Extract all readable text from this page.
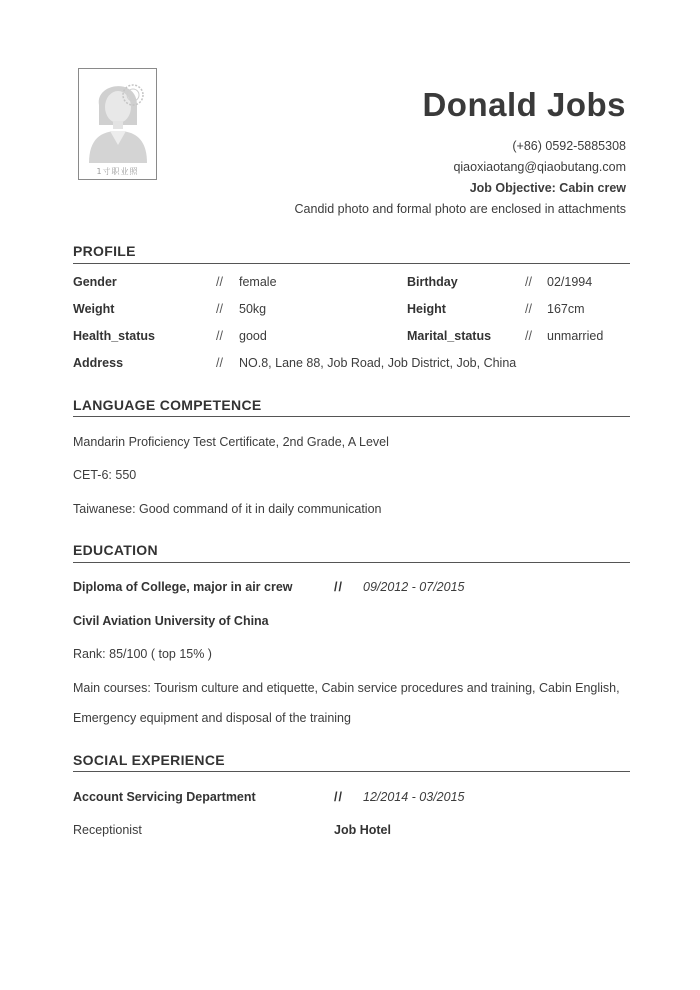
1寸职业照
Donald Jobs
(+86) 0592-5885308
qiaoxiaotang@qiaobutang.com
Job Objective: Cabin crew
Candid photo and formal photo are enclosed in attachments
PROFILE
Gender	// female	Birthday	// 02/1994
Weight	// 50kg	Height	// 167cm
Health_status	// good	Marital_status	// unmarried
Address	// NO.8, Lane 88, Job Road, Job District, Job, China
LANGUAGE COMPETENCE
Mandarin Proficiency Test Certificate, 2nd Grade, A Level
CET-6: 550
Taiwanese: Good command of it in daily communication
EDUCATION
Diploma of College, major in air crew	// 09/2012 - 07/2015
Civil Aviation University of China
Rank: 85/100 ( top 15% )
Main courses: Tourism culture and etiquette, Cabin service procedures and training, Cabin English,
Emergency equipment and disposal of the training
SOCIAL EXPERIENCE
Account Servicing Department	// 12/2014 - 03/2015
Receptionist	Job Hotel
